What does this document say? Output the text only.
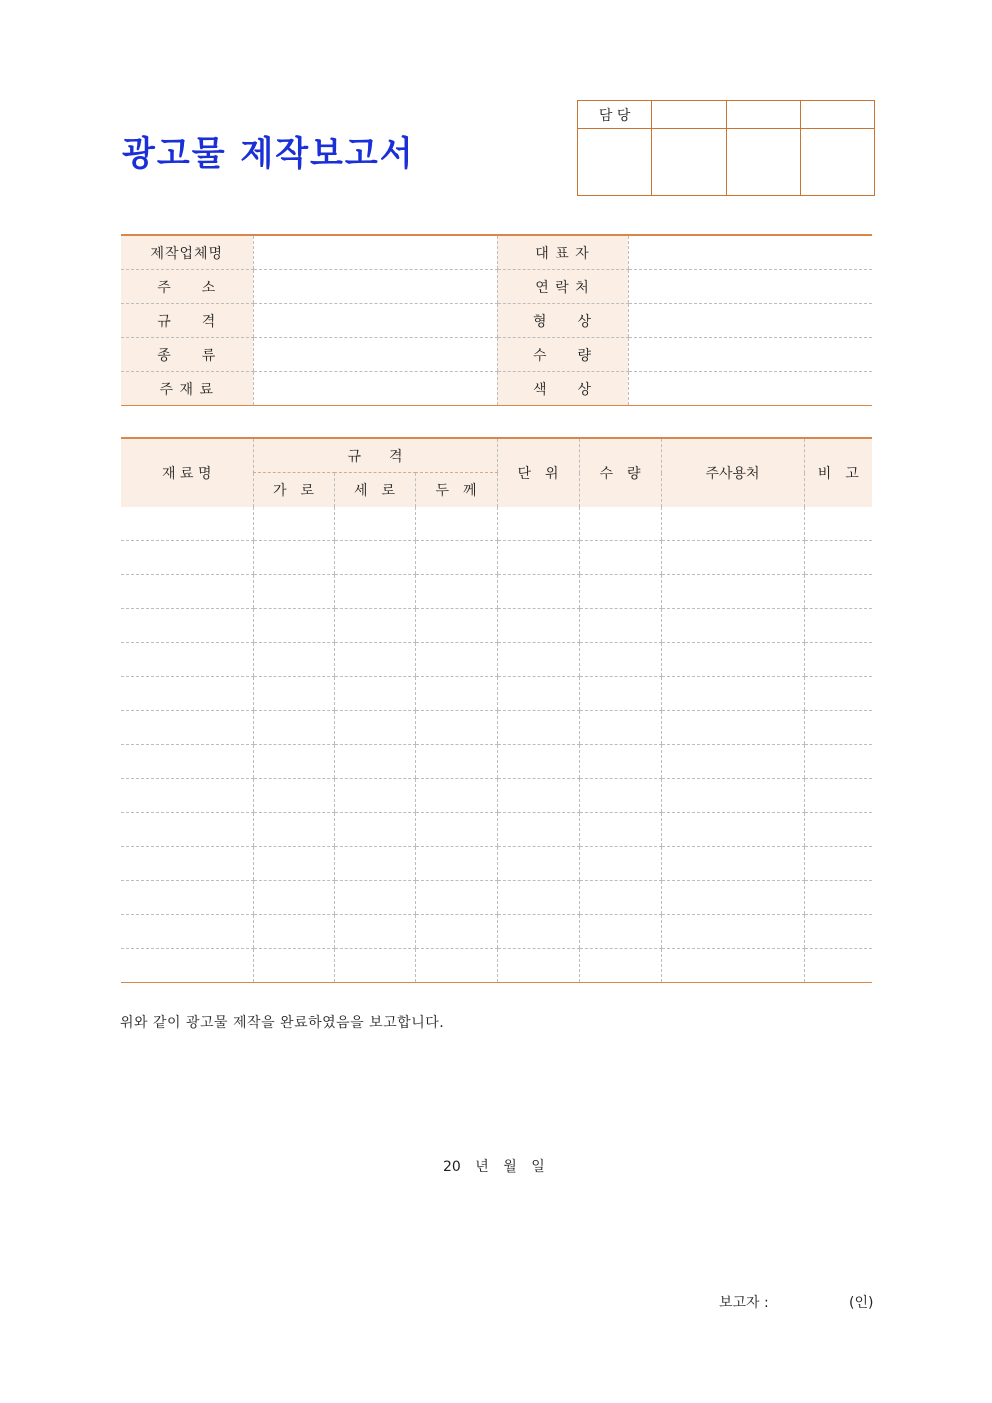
광고물 제작보고서
담 당			

제작업체명		대 표 자	
주　　소		연 락 처	
규　　격		형　　상	
종　　류		수　　량	
주 재 료		색　　상	
재 료 명	규　　격			단　위	수　량	주사용처	비　고
	가　로	세　로	두　께				

위와 같이 광고물 제작을 완료하였음을 보고합니다.
20 년 월 일
보고자 :	(인)
